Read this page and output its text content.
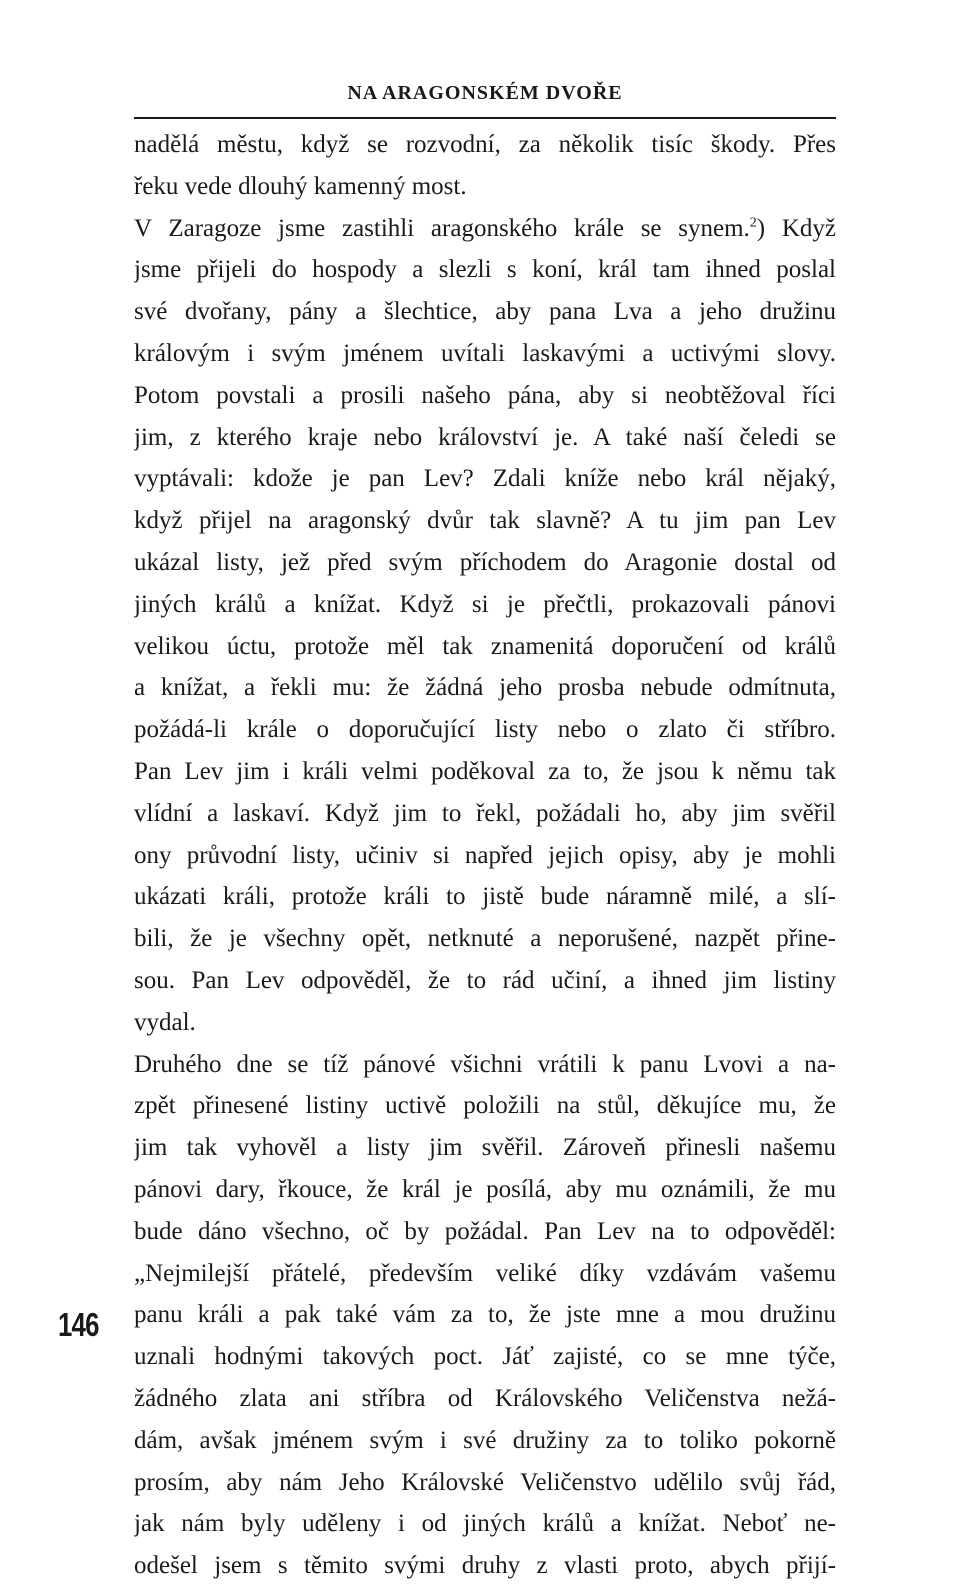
NA ARAGONSKÉM DVOŘE
nadělá městu, když se rozvodní, za několik tisíc škody. Přes
řeku vede dlouhý kamenný most.
V Zaragoze jsme zastihli aragonského krále se synem.$^2$) Když
jsme přijeli do hospody a slezli s koní, král tam ihned poslal
své dvořany, pány a šlechtice, aby pana Lva a jeho družinu
královým i svým jménem uvítali laskavými a uctivými slovy.
Potom povstali a prosili našeho pána, aby si neobtěžoval říci
jim, z kterého kraje nebo království je. A také naší čeledi se
vyptávali: kdože je pan Lev? Zdali kníže nebo král nějaký,
když přijel na aragonský dvůr tak slavně? A tu jim pan Lev
ukázal listy, jež před svým příchodem do Aragonie dostal od
jiných králů a knížat. Když si je přečtli, prokazovali pánovi
velikou úctu, protože měl tak znamenitá doporučení od králů
a knížat, a řekli mu: že žádná jeho prosba nebude odmítnuta,
požádá-li krále o doporučující listy nebo o zlato či stříbro.
Pan Lev jim i králi velmi poděkoval za to, že jsou k němu tak
vlídní a laskaví. Když jim to řekl, požádali ho, aby jim svěřil
ony průvodní listy, učiniv si napřed jejich opisy, aby je mohli
ukázati králi, protože králi to jistě bude náramně milé, a slí-
bili, že je všechny opět, netknuté a neporušené, nazpět přine-
sou. Pan Lev odpověděl, že to rád učiní, a ihned jim listiny
vydal.
Druhého dne se tíž pánové všichni vrátili k panu Lvovi a na-
zpět přinesené listiny uctivě položili na stůl, děkujíce mu, že
jim tak vyhověl a listy jim svěřil. Zároveň přinesli našemu
pánovi dary, řkouce, že král je posílá, aby mu oznámili, že mu
bude dáno všechno, oč by požádal. Pan Lev na to odpověděl:
„Nejmilejší přátelé, především veliké díky vzdávám vašemu
panu králi a pak také vám za to, že jste mne a mou družinu
uznali hodnými takových poct. Jáť zajisté, co se mne týče,
žádného zlata ani stříbra od Královského Veličenstva nežá-
dám, avšak jménem svým i své družiny za to toliko pokorně
prosím, aby nám Jeho Královské Veličenstvo udělilo svůj řád,
jak nám byly uděleny i od jiných králů a knížat. Neboť ne-
odešel jsem s těmito svými druhy z vlasti proto, abych přijí-
146
